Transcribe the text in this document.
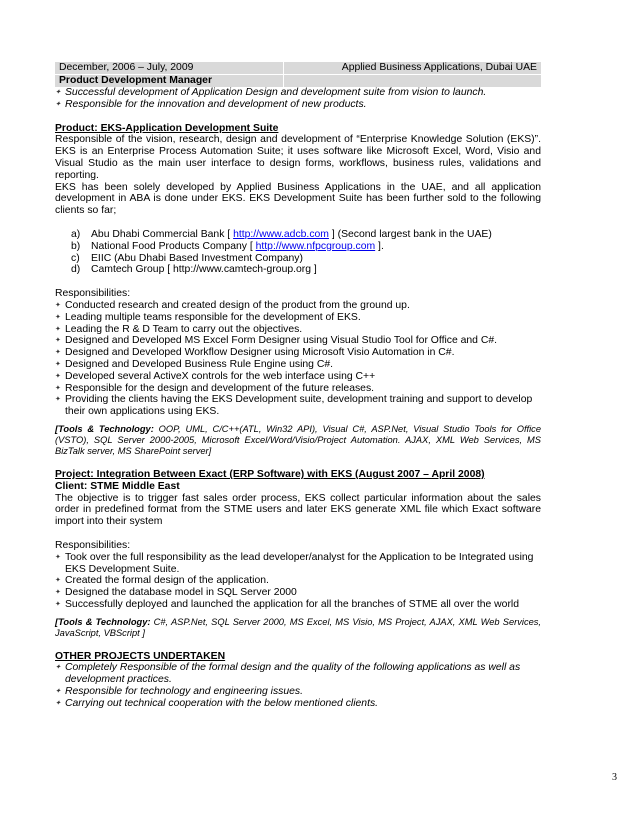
December, 2006 – July, 2009	Applied Business Applications, Dubai UAE
Product Development Manager	
✦ Successful development of Application Design and development suite from vision to launch.
✦ Responsible for the innovation and development of new products.
Product: EKS-Application Development Suite
Responsible of the vision, research, design and development of “Enterprise Knowledge Solution (EKS)”. EKS is an Enterprise Process Automation Suite; it uses software like Microsoft Excel, Word, Visio and Visual Studio as the main user interface to design forms, workflows, business rules, validations and reporting.
EKS has been solely developed by Applied Business Applications in the UAE, and all application development in ABA is done under EKS. EKS Development Suite has been further sold to the following clients so far;
a)	Abu Dhabi Commercial Bank [ http://www.adcb.com ] (Second largest bank in the UAE)
b)	National Food Products Company [ http://www.nfpcgroup.com ].
c)	EIIC (Abu Dhabi Based Investment Company)
d)	Camtech Group [ http://www.camtech-group.org ]
Responsibilities:
✦ Conducted research and created design of the product from the ground up.
✦ Leading multiple teams responsible for the development of EKS.
✦ Leading the R & D Team to carry out the objectives.
✦ Designed and Developed MS Excel Form Designer using Visual Studio Tool for Office and C#.
✦ Designed and Developed Workflow Designer using Microsoft Visio Automation in C#.
✦ Designed and Developed Business Rule Engine using C#.
✦ Developed several ActiveX controls for the web interface using C++
✦ Responsible for the design and development of the future releases.
✦ Providing the clients having the EKS Development suite, development training and support to develop their own applications using EKS.
[Tools & Technology: OOP, UML, C/C++(ATL, Win32 API), Visual C#, ASP.Net, Visual Studio Tools for Office (VSTO), SQL Server 2000-2005, Microsoft Excel/Word/Visio/Project Automation. AJAX, XML Web Services, MS BizTalk server, MS SharePoint server]
Project: Integration Between Exact (ERP Software) with EKS (August 2007 – April 2008)
Client: STME Middle East
The objective is to trigger fast sales order process, EKS collect particular information about the sales order in predefined format from the STME users and later EKS generate XML file which Exact software import into their system
Responsibilities:
✦ Took over the full responsibility as the lead developer/analyst for the Application to be Integrated using EKS Development Suite.
✦ Created the formal design of the application.
✦ Designed the database model in SQL Server 2000
✦ Successfully deployed and launched the application for all the branches of STME all over the world
[Tools & Technology: C#, ASP.Net, SQL Server 2000, MS Excel, MS Visio, MS Project, AJAX, XML Web Services, JavaScript, VBScript ]
OTHER PROJECTS UNDERTAKEN
✦ Completely Responsible of the formal design and the quality of the following applications as well as development practices.
✦ Responsible for technology and engineering issues.
✦ Carrying out technical cooperation with the below mentioned clients.
3
